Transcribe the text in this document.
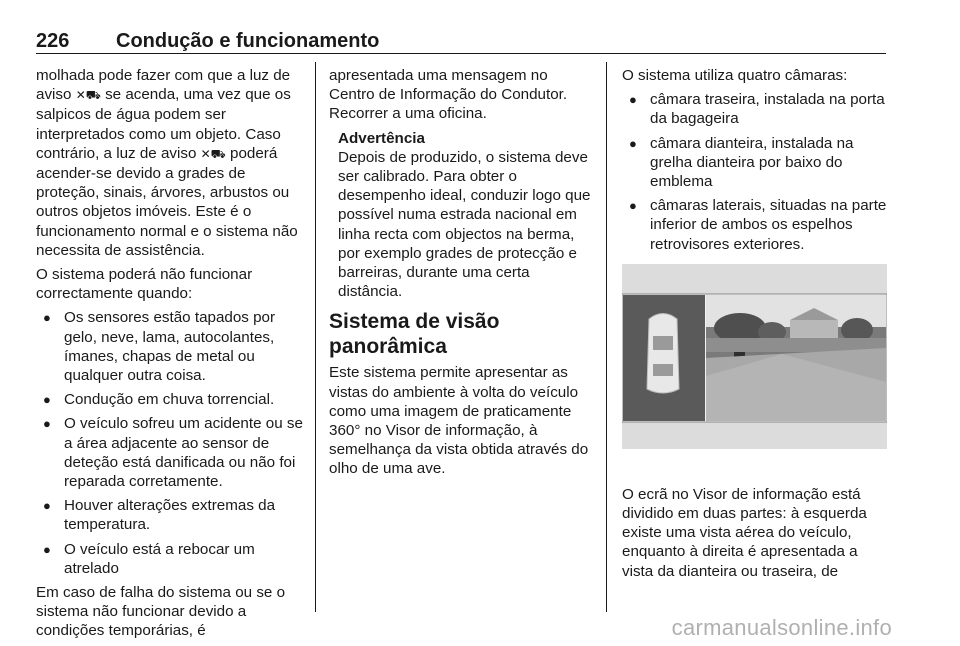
226 Condução e funcionamento

molhada pode fazer com que a luz de aviso ✕⛟ se acenda, uma vez que os salpicos de água podem ser interpretados como um objeto. Caso contrário, a luz de aviso ✕⛟ poderá acender-se devido a grades de proteção, sinais, árvores, arbustos ou outros objetos imóveis. Este é o funcionamento normal e o sistema não necessita de assistência.

O sistema poderá não funcionar correctamente quando:

● Os sensores estão tapados por gelo, neve, lama, autocolantes, ímanes, chapas de metal ou qualquer outra coisa.
● Condução em chuva torrencial.
● O veículo sofreu um acidente ou se a área adjacente ao sensor de deteção está danificada ou não foi reparada corretamente.
● Houver alterações extremas da temperatura.
● O veículo está a rebocar um atrelado

Em caso de falha do sistema ou se o sistema não funcionar devido a condições temporárias, é

apresentada uma mensagem no Centro de Informação do Condutor. Recorrer a uma oficina.

Advertência
Depois de produzido, o sistema deve ser calibrado. Para obter o desempenho ideal, conduzir logo que possível numa estrada nacional em linha recta com objectos na berma, por exemplo grades de protecção e barreiras, durante uma certa distância.
Sistema de visão panorâmica

Este sistema permite apresentar as vistas do ambiente à volta do veículo como uma imagem de praticamente 360° no Visor de informação, à semelhança da vista obtida através do olho de uma ave.

O sistema utiliza quatro câmaras:

● câmara traseira, instalada na porta da bagageira
● câmara dianteira, instalada na grelha dianteira por baixo do emblema
● câmaras laterais, situadas na parte inferior de ambos os espelhos retrovisores exteriores.

O ecrã no Visor de informação está dividido em duas partes: à esquerda existe uma vista aérea do veículo, enquanto à direita é apresentada a vista da dianteira ou traseira, de

carmanualsonline.info
